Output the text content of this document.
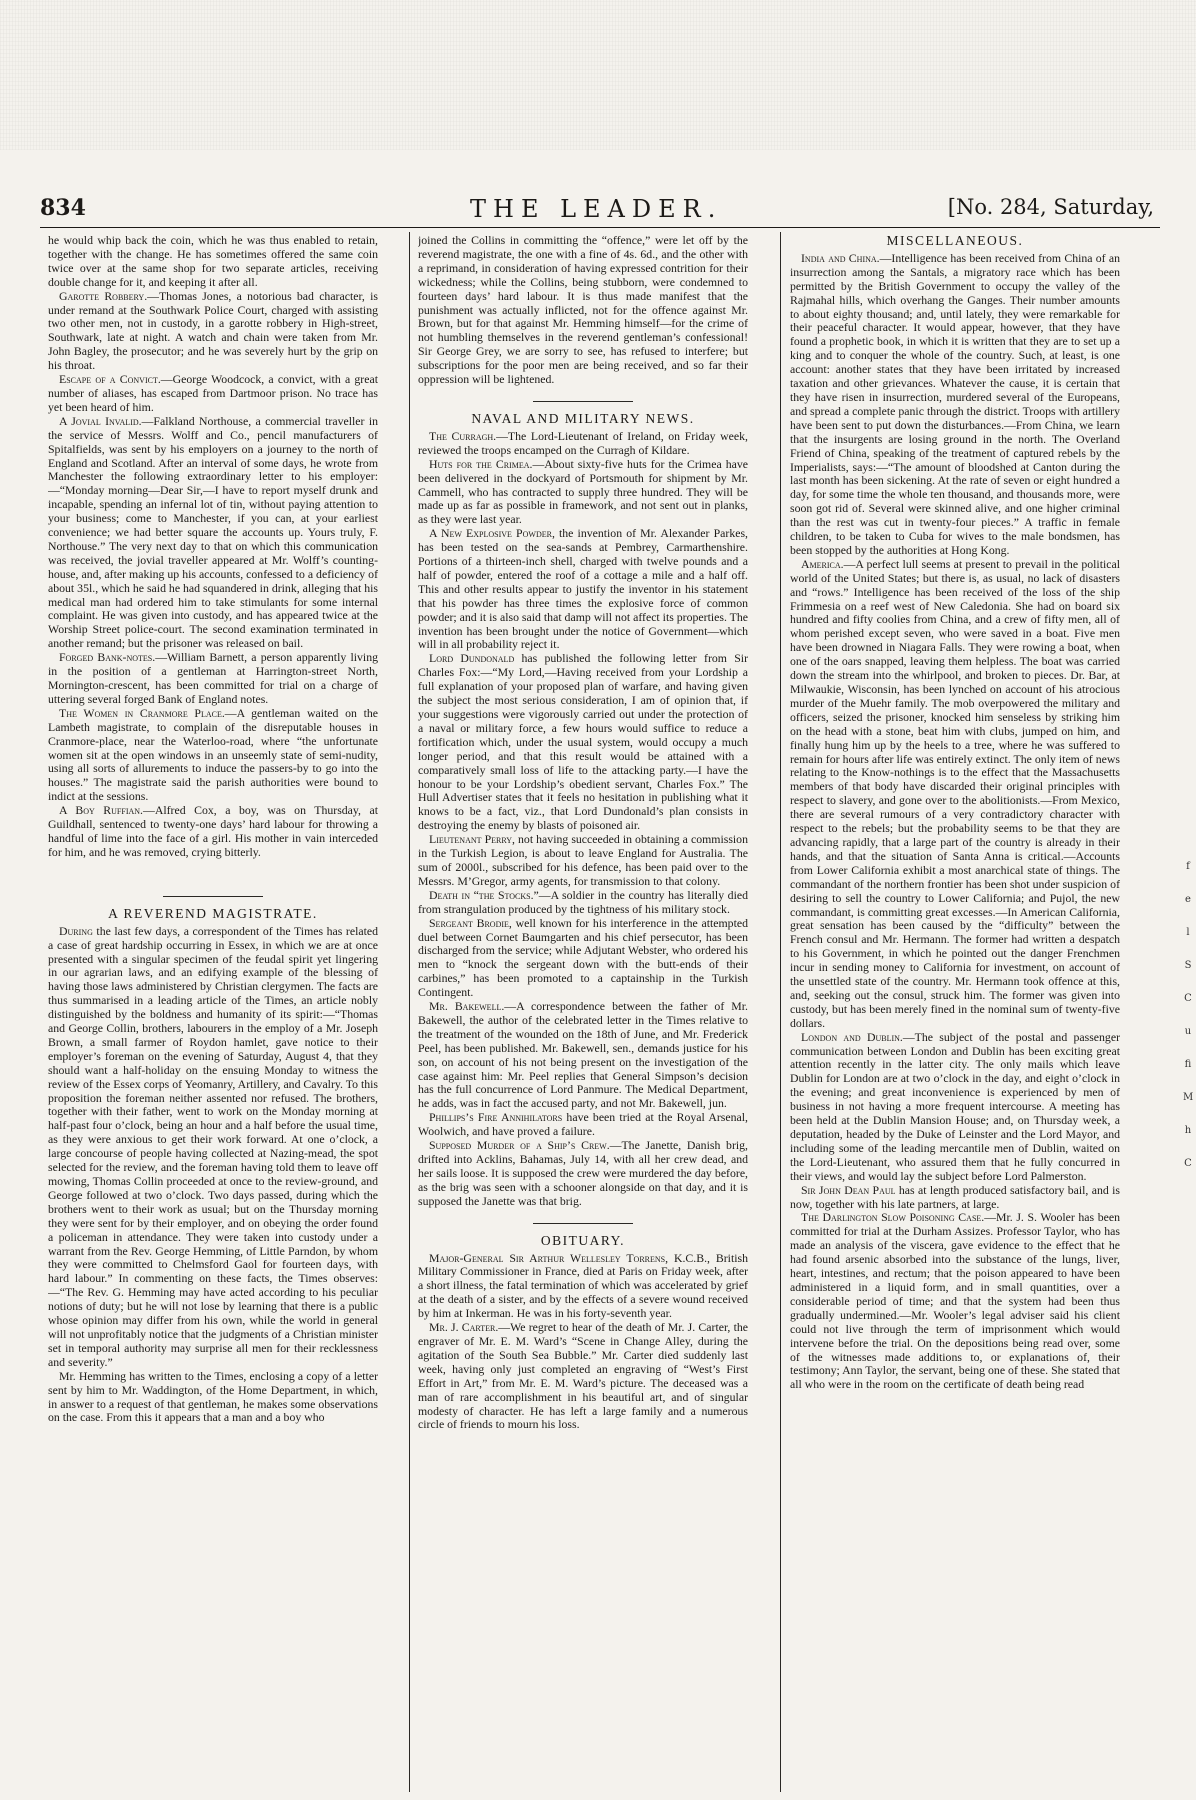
834	THE LEADER.	[No. 284, Saturday,

he would whip back the coin, which he was thus enabled to retain, together with the change. He has sometimes offered the same coin twice over at the same shop for two separate articles, receiving double change for it, and keeping it after all.

Garotte Robbery.—Thomas Jones, a notorious bad character, is under remand at the Southwark Police Court, charged with assisting two other men, not in custody, in a garotte robbery in High-street, Southwark, late at night. A watch and chain were taken from Mr. John Bagley, the prosecutor; and he was severely hurt by the grip on his throat.

Escape of a Convict.—George Woodcock, a convict, with a great number of aliases, has escaped from Dartmoor prison. No trace has yet been heard of him.

A Jovial Invalid.—Falkland Northouse, a commercial traveller in the service of Messrs. Wolff and Co., pencil manufacturers of Spitalfields, was sent by his employers on a journey to the north of England and Scotland. After an interval of some days, he wrote from Manchester the following extraordinary letter to his employer:—“Monday morning—Dear Sir,—I have to report myself drunk and incapable, spending an infernal lot of tin, without paying attention to your business; come to Manchester, if you can, at your earliest convenience; we had better square the accounts up. Yours truly, F. Northouse.” The very next day to that on which this communication was received, the jovial traveller appeared at Mr. Wolff’s counting-house, and, after making up his accounts, confessed to a deficiency of about 35l., which he said he had squandered in drink, alleging that his medical man had ordered him to take stimulants for some internal complaint. He was given into custody, and has appeared twice at the Worship Street police-court. The second examination terminated in another remand; but the prisoner was released on bail.

Forged Bank-notes.—William Barnett, a person apparently living in the position of a gentleman at Harrington-street North, Mornington-crescent, has been committed for trial on a charge of uttering several forged Bank of England notes.

The Women in Cranmore Place.—A gentleman waited on the Lambeth magistrate, to complain of the disreputable houses in Cranmore-place, near the Waterloo-road, where “the unfortunate women sit at the open windows in an unseemly state of semi-nudity, using all sorts of allurements to induce the passers-by to go into the houses.” The magistrate said the parish authorities were bound to indict at the sessions.

A Boy Ruffian.—Alfred Cox, a boy, was on Thursday, at Guildhall, sentenced to twenty-one days’ hard labour for throwing a handful of lime into the face of a girl. His mother in vain interceded for him, and he was removed, crying bitterly.

A REVEREND MAGISTRATE.

During the last few days, a correspondent of the Times has related a case of great hardship occurring in Essex, in which we are at once presented with a singular specimen of the feudal spirit yet lingering in our agrarian laws, and an edifying example of the blessing of having those laws administered by Christian clergymen. The facts are thus summarised in a leading article of the Times, an article nobly distinguished by the boldness and humanity of its spirit:—“Thomas and George Collin, brothers, labourers in the employ of a Mr. Joseph Brown, a small farmer of Roydon hamlet, gave notice to their employer’s foreman on the evening of Saturday, August 4, that they should want a half-holiday on the ensuing Monday to witness the review of the Essex corps of Yeomanry, Artillery, and Cavalry. To this proposition the foreman neither assented nor refused. The brothers, together with their father, went to work on the Monday morning at half-past four o’clock, being an hour and a half before the usual time, as they were anxious to get their work forward. At one o’clock, a large concourse of people having collected at Nazing-mead, the spot selected for the review, and the foreman having told them to leave off mowing, Thomas Collin proceeded at once to the review-ground, and George followed at two o’clock. Two days passed, during which the brothers went to their work as usual; but on the Thursday morning they were sent for by their employer, and on obeying the order found a policeman in attendance. They were taken into custody under a warrant from the Rev. George Hemming, of Little Parndon, by whom they were committed to Chelmsford Gaol for fourteen days, with hard labour.” In commenting on these facts, the Times observes:—“The Rev. G. Hemming may have acted according to his peculiar notions of duty; but he will not lose by learning that there is a public whose opinion may differ from his own, while the world in general will not unprofitably notice that the judgments of a Christian minister set in temporal authority may surprise all men for their recklessness and severity.”

Mr. Hemming has written to the Times, enclosing a copy of a letter sent by him to Mr. Waddington, of the Home Department, in which, in answer to a request of that gentleman, he makes some observations on the case. From this it appears that a man and a boy who

joined the Collins in committing the “offence,” were let off by the reverend magistrate, the one with a fine of 4s. 6d., and the other with a reprimand, in consideration of having expressed contrition for their wickedness; while the Collins, being stubborn, were condemned to fourteen days’ hard labour. It is thus made manifest that the punishment was actually inflicted, not for the offence against Mr. Brown, but for that against Mr. Hemming himself—for the crime of not humbling themselves in the reverend gentleman’s confessional! Sir George Grey, we are sorry to see, has refused to interfere; but subscriptions for the poor men are being received, and so far their oppression will be lightened.

NAVAL AND MILITARY NEWS.

The Curragh.—The Lord-Lieutenant of Ireland, on Friday week, reviewed the troops encamped on the Curragh of Kildare.

Huts for the Crimea.—About sixty-five huts for the Crimea have been delivered in the dockyard of Portsmouth for shipment by Mr. Cammell, who has contracted to supply three hundred. They will be made up as far as possible in framework, and not sent out in planks, as they were last year.

A New Explosive Powder, the invention of Mr. Alexander Parkes, has been tested on the sea-sands at Pembrey, Carmarthenshire. Portions of a thirteen-inch shell, charged with twelve pounds and a half of powder, entered the roof of a cottage a mile and a half off. This and other results appear to justify the inventor in his statement that his powder has three times the explosive force of common powder; and it is also said that damp will not affect its properties. The invention has been brought under the notice of Government—which will in all probability reject it.

Lord Dundonald has published the following letter from Sir Charles Fox:—“My Lord,—Having received from your Lordship a full explanation of your proposed plan of warfare, and having given the subject the most serious consideration, I am of opinion that, if your suggestions were vigorously carried out under the protection of a naval or military force, a few hours would suffice to reduce a fortification which, under the usual system, would occupy a much longer period, and that this result would be attained with a comparatively small loss of life to the attacking party.—I have the honour to be your Lordship’s obedient servant, Charles Fox.” The Hull Advertiser states that it feels no hesitation in publishing what it knows to be a fact, viz., that Lord Dundonald’s plan consists in destroying the enemy by blasts of poisoned air.

Lieutenant Perry, not having succeeded in obtaining a commission in the Turkish Legion, is about to leave England for Australia. The sum of 2000l., subscribed for his defence, has been paid over to the Messrs. M’Gregor, army agents, for transmission to that colony.

Death in “the Stocks.”—A soldier in the country has literally died from strangulation produced by the tightness of his military stock.

Sergeant Brodie, well known for his interference in the attempted duel between Cornet Baumgarten and his chief persecutor, has been discharged from the service; while Adjutant Webster, who ordered his men to “knock the sergeant down with the butt-ends of their carbines,” has been promoted to a captainship in the Turkish Contingent.

Mr. Bakewell.—A correspondence between the father of Mr. Bakewell, the author of the celebrated letter in the Times relative to the treatment of the wounded on the 18th of June, and Mr. Frederick Peel, has been published. Mr. Bakewell, sen., demands justice for his son, on account of his not being present on the investigation of the case against him: Mr. Peel replies that General Simpson’s decision has the full concurrence of Lord Panmure. The Medical Department, he adds, was in fact the accused party, and not Mr. Bakewell, jun.

Phillips’s Fire Annihilators have been tried at the Royal Arsenal, Woolwich, and have proved a failure.

Supposed Murder of a Ship’s Crew.—The Janette, Danish brig, drifted into Acklins, Bahamas, July 14, with all her crew dead, and her sails loose. It is supposed the crew were murdered the day before, as the brig was seen with a schooner alongside on that day, and it is supposed the Janette was that brig.

OBITUARY.

Major-General Sir Arthur Wellesley Torrens, K.C.B., British Military Commissioner in France, died at Paris on Friday week, after a short illness, the fatal termination of which was accelerated by grief at the death of a sister, and by the effects of a severe wound received by him at Inkerman. He was in his forty-seventh year.

Mr. J. Carter.—We regret to hear of the death of Mr. J. Carter, the engraver of Mr. E. M. Ward’s “Scene in Change Alley, during the agitation of the South Sea Bubble.” Mr. Carter died suddenly last week, having only just completed an engraving of “West’s First Effort in Art,” from Mr. E. M. Ward’s picture. The deceased was a man of rare accomplishment in his beautiful art, and of singular modesty of character. He has left a large family and a numerous circle of friends to mourn his loss.

MISCELLANEOUS.

India and China.—Intelligence has been received from China of an insurrection among the Santals, a migratory race which has been permitted by the British Government to occupy the valley of the Rajmahal hills, which overhang the Ganges. Their number amounts to about eighty thousand; and, until lately, they were remarkable for their peaceful character. It would appear, however, that they have found a prophetic book, in which it is written that they are to set up a king and to conquer the whole of the country. Such, at least, is one account: another states that they have been irritated by increased taxation and other grievances. Whatever the cause, it is certain that they have risen in insurrection, murdered several of the Europeans, and spread a complete panic through the district. Troops with artillery have been sent to put down the disturbances.—From China, we learn that the insurgents are losing ground in the north. The Overland Friend of China, speaking of the treatment of captured rebels by the Imperialists, says:—“The amount of bloodshed at Canton during the last month has been sickening. At the rate of seven or eight hundred a day, for some time the whole ten thousand, and thousands more, were soon got rid of. Several were skinned alive, and one higher criminal than the rest was cut in twenty-four pieces.” A traffic in female children, to be taken to Cuba for wives to the male bondsmen, has been stopped by the authorities at Hong Kong.

America.—A perfect lull seems at present to prevail in the political world of the United States; but there is, as usual, no lack of disasters and “rows.” Intelligence has been received of the loss of the ship Frimmesia on a reef west of New Caledonia. She had on board six hundred and fifty coolies from China, and a crew of fifty men, all of whom perished except seven, who were saved in a boat. Five men have been drowned in Niagara Falls. They were rowing a boat, when one of the oars snapped, leaving them helpless. The boat was carried down the stream into the whirlpool, and broken to pieces. Dr. Bar, at Milwaukie, Wisconsin, has been lynched on account of his atrocious murder of the Muehr family. The mob overpowered the military and officers, seized the prisoner, knocked him senseless by striking him on the head with a stone, beat him with clubs, jumped on him, and finally hung him up by the heels to a tree, where he was suffered to remain for hours after life was entirely extinct. The only item of news relating to the Know-nothings is to the effect that the Massachusetts members of that body have discarded their original principles with respect to slavery, and gone over to the abolitionists.—From Mexico, there are several rumours of a very contradictory character with respect to the rebels; but the probability seems to be that they are advancing rapidly, that a large part of the country is already in their hands, and that the situation of Santa Anna is critical.—Accounts from Lower California exhibit a most anarchical state of things. The commandant of the northern frontier has been shot under suspicion of desiring to sell the country to Lower California; and Pujol, the new commandant, is committing great excesses.—In American California, great sensation has been caused by the “difficulty” between the French consul and Mr. Hermann. The former had written a despatch to his Government, in which he pointed out the danger Frenchmen incur in sending money to California for investment, on account of the unsettled state of the country. Mr. Hermann took offence at this, and, seeking out the consul, struck him. The former was given into custody, but has been merely fined in the nominal sum of twenty-five dollars.

London and Dublin.—The subject of the postal and passenger communication between London and Dublin has been exciting great attention recently in the latter city. The only mails which leave Dublin for London are at two o’clock in the day, and eight o’clock in the evening; and great inconvenience is experienced by men of business in not having a more frequent intercourse. A meeting has been held at the Dublin Mansion House; and, on Thursday week, a deputation, headed by the Duke of Leinster and the Lord Mayor, and including some of the leading mercantile men of Dublin, waited on the Lord-Lieutenant, who assured them that he fully concurred in their views, and would lay the subject before Lord Palmerston.

Sir John Dean Paul has at length produced satisfactory bail, and is now, together with his late partners, at large.

The Darlington Slow Poisoning Case.—Mr. J. S. Wooler has been committed for trial at the Durham Assizes. Professor Taylor, who has made an analysis of the viscera, gave evidence to the effect that he had found arsenic absorbed into the substance of the lungs, liver, heart, intestines, and rectum; that the poison appeared to have been administered in a liquid form, and in small quantities, over a considerable period of time; and that the system had been thus gradually undermined.—Mr. Wooler’s legal adviser said his client could not live through the term of imprisonment which would intervene before the trial. On the depositions being read over, some of the witnesses made additions to, or explanations of, their testimony; Ann Taylor, the servant, being one of these. She stated that all who were in the room on the certificate of death being read

f
e
l
S
C
u
fi
M
h
C
